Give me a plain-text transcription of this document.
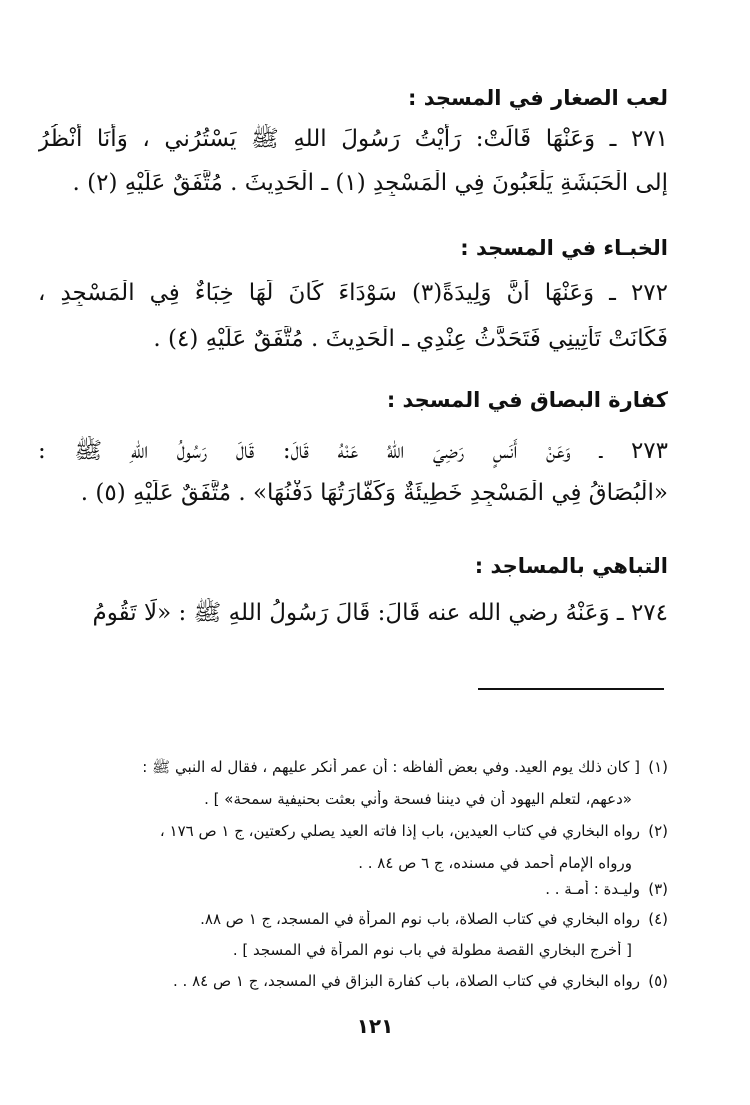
لعب الصغار في المسجد :
٢٧١ ـ وَعَنْهَا قَالَتْ: رَأَيْتُ رَسُولَ اللهِ ﷺ يَسْتُرُني ، وَأنَا أنْظُرُ
إلى الْحَبَشَةِ يَلْعَبُونَ فِي الْمَسْجِدِ (١) ـ الْحَدِيثَ . مُتَّفَقٌ عَلَيْهِ (٢) .
الخبـاء في المسجد :
٢٧٢ ـ وَعَنْهَا أَنَّ وَلِيدَةً(٣) سَوْدَاءَ كَانَ لَهَا خِبَاءٌ فِي الْمَسْجِدِ ،
فَكَانَتْ تَأْتِينِي فَتَحَدَّثُ عِنْدِي ـ الْحَدِيثَ . مُتَّفَقٌ عَلَيْهِ (٤) .
كفارة البصاق في المسجد :
٢٧٣ ـ وَعَنْ أَنَسٍ رَضِيَ اللهُ عَنْهُ قَالَ: قَالَ رَسُولُ اللهِ ﷺ :
«الْبُصَاقُ فِي الْمَسْجِدِ خَطِيئَةٌ وَكَفَّارَتُهَا دَفْنُهَا» . مُتَّفَقٌ عَلَيْهِ (٥) .
التباهي بالمساجد :
٢٧٤ ـ وَعَنْهُ رضي الله عنه قَالَ: قَالَ رَسُولُ اللهِ ﷺ : «لَا تَقُومُ
(١)[ كان ذلك يوم العيد. وفي بعض ألفاظه : أن عمر أنكر عليهم ، فقال له النبي ﷺ :
«دعهم، لتعلم اليهود أن في ديننا فسحة وأني بعثت بحنيفية سمحة» ] .
(٢)رواه البخاري في كتاب العيدين، باب إذا فاته العيد يصلي ركعتين، ج ١ ص ١٧٦ ،
ورواه الإمام أحمد في مسنده، ج ٦ ص ٨٤ . .
(٣)وليـدة : أمـة . .
(٤)رواه البخاري في كتاب الصلاة، باب نوم المرأة في المسجد، ج ١ ص ٨٨.
[ أخرج البخاري القصة مطولة في باب نوم المرأة في المسجد ] .
(٥)رواه البخاري في كتاب الصلاة، باب كفارة البزاق في المسجد، ج ١ ص ٨٤ . .
١٢١
